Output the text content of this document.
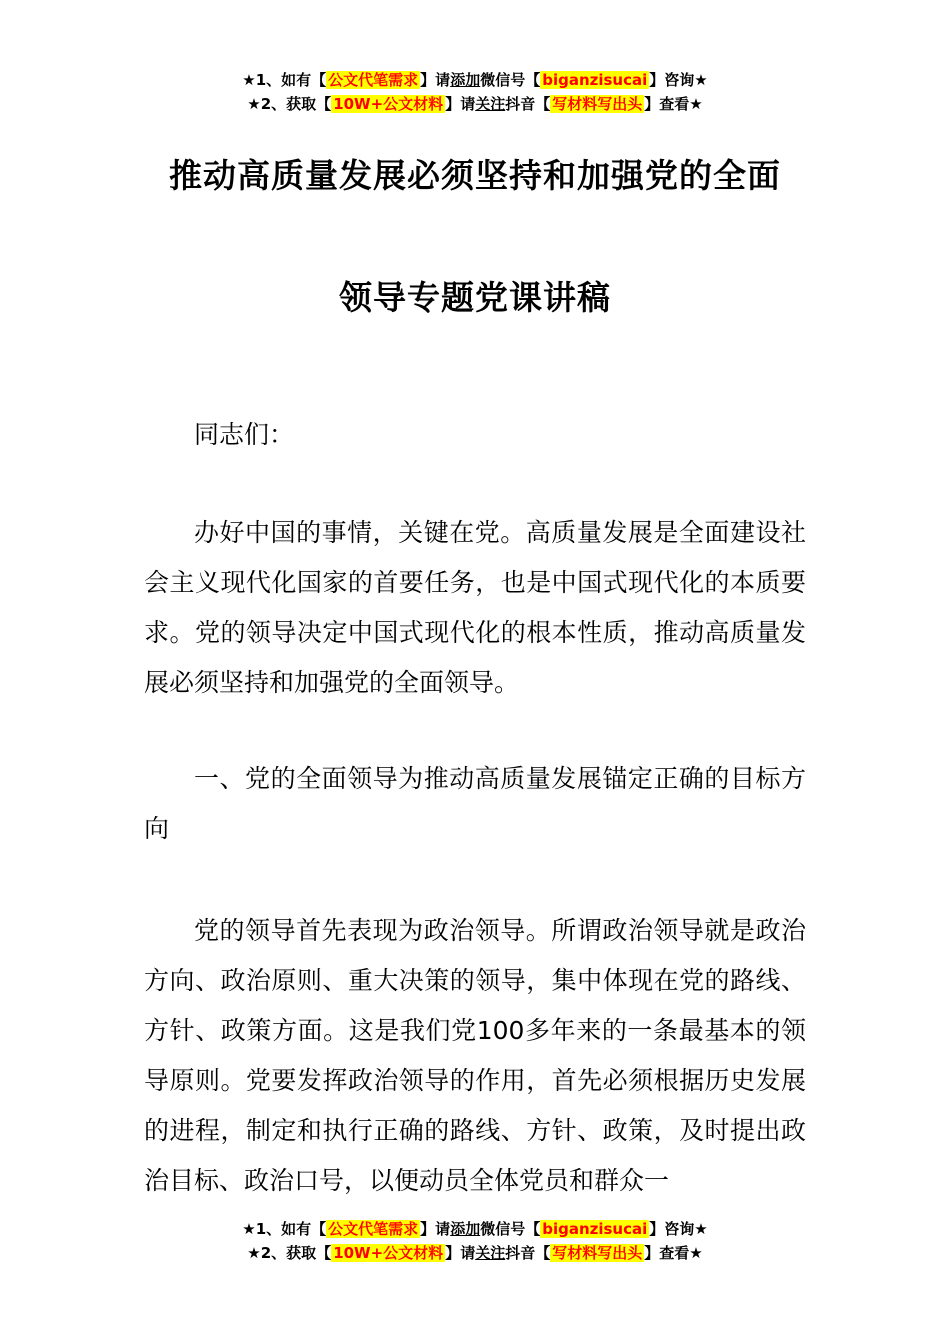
★1、如有【 公文代笔需求 】请添加微信号【 biganzisucai 】咨询★
★2、获取【 10W+公文材料 】请关注抖音【 写材料写出头 】查看★
推动高质量发展必须坚持和加强党的全面
领导专题党课讲稿

同志们：

办好中国的事情，关键在党。高质量发展是全面建设社会主义现代化国家的首要任务，也是中国式现代化的本质要求。党的领导决定中国式现代化的根本性质，推动高质量发展必须坚持和加强党的全面领导。

一、党的全面领导为推动高质量发展锚定正确的目标方向

党的领导首先表现为政治领导。所谓政治领导就是政治方向、政治原则、重大决策的领导，集中体现在党的路线、方针、政策方面。这是我们党100多年来的一条最基本的领导原则。党要发挥政治领导的作用，首先必须根据历史发展的进程，制定和执行正确的路线、方针、政策，及时提出政治目标、政治口号，以便动员全体党员和群众一

★1、如有【 公文代笔需求 】请添加微信号【 biganzisucai 】咨询★
★2、获取【 10W+公文材料 】请关注抖音【 写材料写出头 】查看★
